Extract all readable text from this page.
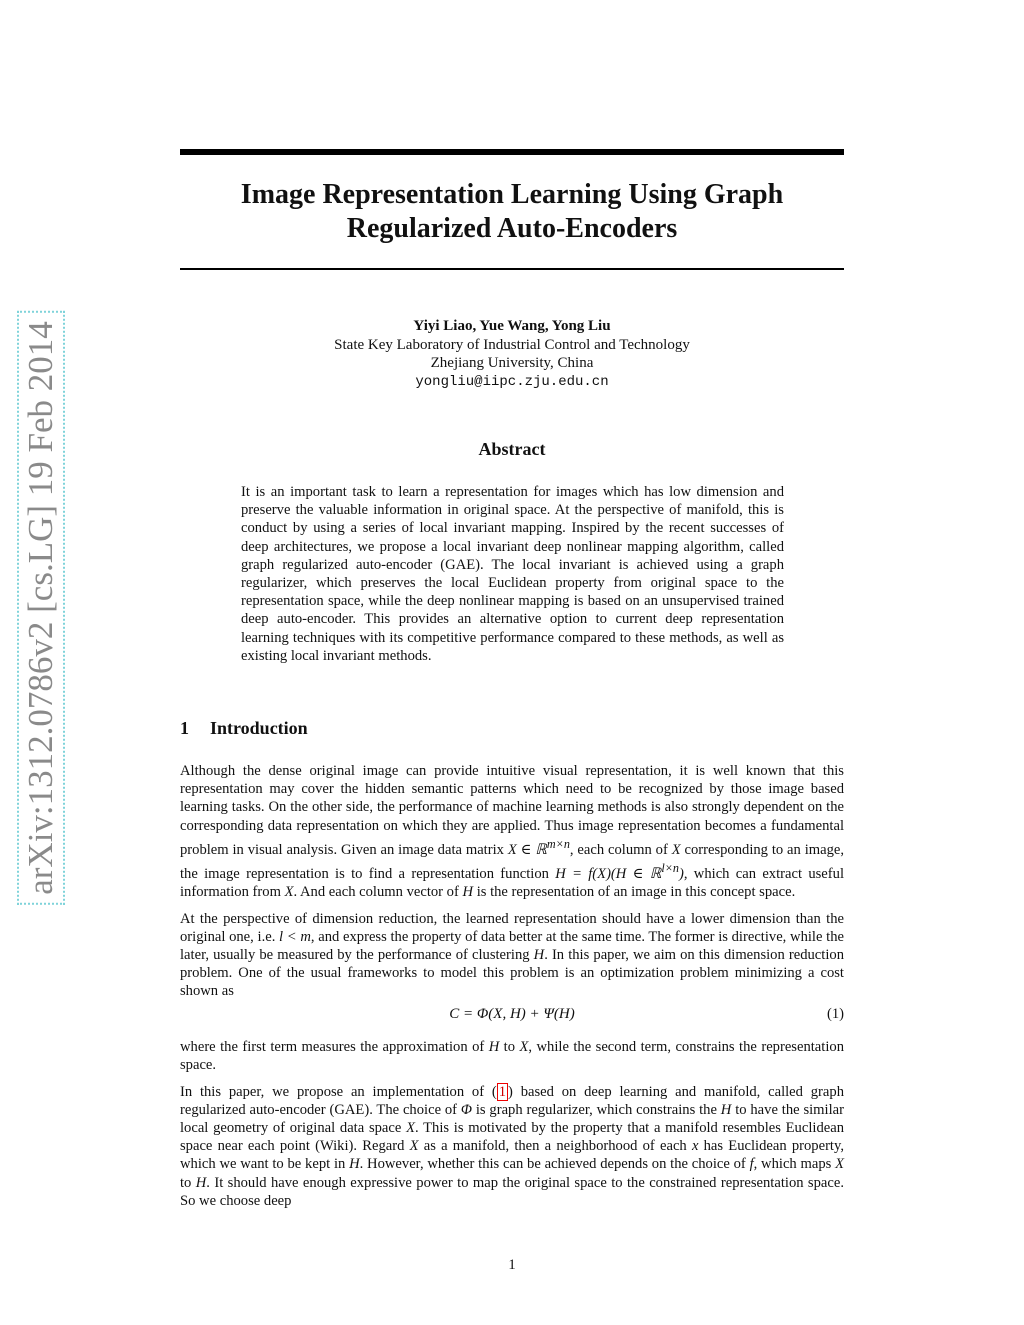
arXiv:1312.0786v2 [cs.LG] 19 Feb 2014
Image Representation Learning Using Graph
Regularized Auto-Encoders
Yiyi Liao, Yue Wang, Yong Liu
State Key Laboratory of Industrial Control and Technology
Zhejiang University, China
yongliu@iipc.zju.edu.cn
Abstract
It is an important task to learn a representation for images which has low dimension and preserve the valuable information in original space. At the perspective of manifold, this is conduct by using a series of local invariant mapping. Inspired by the recent successes of deep architectures, we propose a local invariant deep nonlinear mapping algorithm, called graph regularized auto-encoder (GAE). The local invariant is achieved using a graph regularizer, which preserves the local Euclidean property from original space to the representation space, while the deep nonlinear mapping is based on an unsupervised trained deep auto-encoder. This provides an alternative option to current deep representation learning techniques with its competitive performance compared to these methods, as well as existing local invariant methods.
1 Introduction

Although the dense original image can provide intuitive visual representation, it is well known that this representation may cover the hidden semantic patterns which need to be recognized by those image based learning tasks. On the other side, the performance of machine learning methods is also strongly dependent on the corresponding data representation on which they are applied. Thus image representation becomes a fundamental problem in visual analysis. Given an image data matrix X ∈ ℝ$^{m\times n}$, each column of X corresponding to an image, the image representation is to find a representation function H = f(X)(H ∈ ℝ$^{l\times n}$), which can extract useful information from X. And each column vector of H is the representation of an image in this concept space.

At the perspective of dimension reduction, the learned representation should have a lower dimension than the original one, i.e. l < m, and express the property of data better at the same time. The former is directive, while the later, usually be measured by the performance of clustering H. In this paper, we aim on this dimension reduction problem. One of the usual frameworks to model this problem is an optimization problem minimizing a cost shown as

C = Φ(X, H) + Ψ(H)	(1)

where the first term measures the approximation of H to X, while the second term, constrains the representation space.

In this paper, we propose an implementation of ( 1 ) based on deep learning and manifold, called graph regularized auto-encoder (GAE). The choice of Φ is graph regularizer, which constrains the H to have the similar local geometry of original data space X. This is motivated by the property that a manifold resembles Euclidean space near each point (Wiki). Regard X as a manifold, then a neighborhood of each x has Euclidean property, which we want to be kept in H. However, whether this can be achieved depends on the choice of f, which maps X to H. It should have enough expressive power to map the original space to the constrained representation space. So we choose deep

1
